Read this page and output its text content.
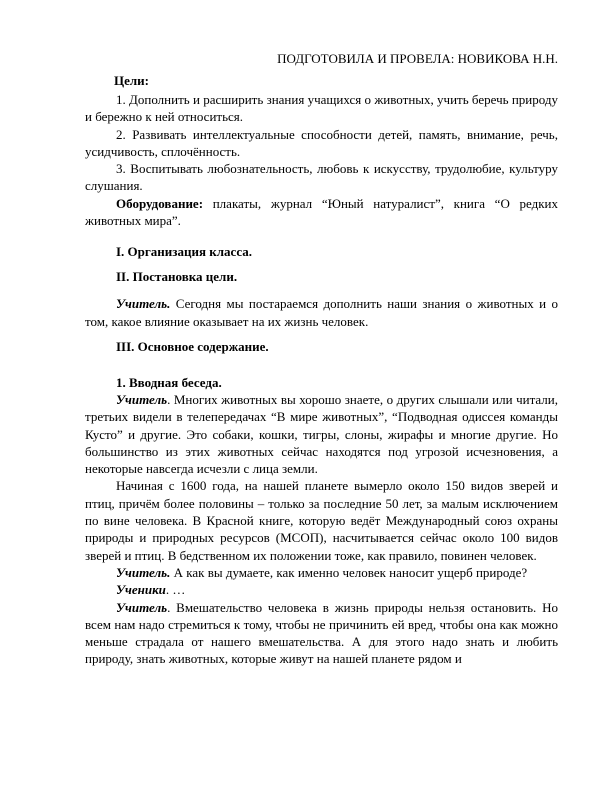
ПОДГОТОВИЛА И ПРОВЕЛА: НОВИКОВА Н.Н.
Цели:

1. Дополнить и расширить знания учащихся о животных, учить беречь природу и бережно к ней относиться.

2. Развивать интеллектуальные способности детей, память, внимание, речь, усидчивость, сплочённость.

3. Воспитывать любознательность, любовь к искусству, трудолюбие, культуру слушания.

Оборудование: плакаты, журнал “Юный натуралист”, книга “О редких животных мира”.

I. Организация класса.
II. Постановка цели.

Учитель. Сегодня мы постараемся дополнить наши знания о животных и о том, какое влияние оказывает на их жизнь человек.

III. Основное содержание.
1. Вводная беседа.

Учитель. Многих животных вы хорошо знаете, о других слышали или читали, третьих видели в телепередачах “В мире животных”, “Подводная одиссея команды Кусто” и другие. Это собаки, кошки, тигры, слоны, жирафы и многие другие. Но большинство из этих животных сейчас находятся под угрозой исчезновения, а некоторые навсегда исчезли с лица земли.

Начиная с 1600 года, на нашей планете вымерло около 150 видов зверей и птиц, причём более половины – только за последние 50 лет, за малым исключением по вине человека. В Красной книге, которую ведёт Международный союз охраны природы и природных ресурсов (МСОП), насчитывается сейчас около 100 видов зверей и птиц. В бедственном их положении тоже, как правило, повинен человек.

Учитель. А как вы думаете, как именно человек наносит ущерб природе?

Ученики. …

Учитель. Вмешательство человека в жизнь природы нельзя остановить. Но всем нам надо стремиться к тому, чтобы не причинить ей вред, чтобы она как можно меньше страдала от нашего вмешательства. А для этого надо знать и любить природу, знать животных, которые живут на нашей планете рядом и
